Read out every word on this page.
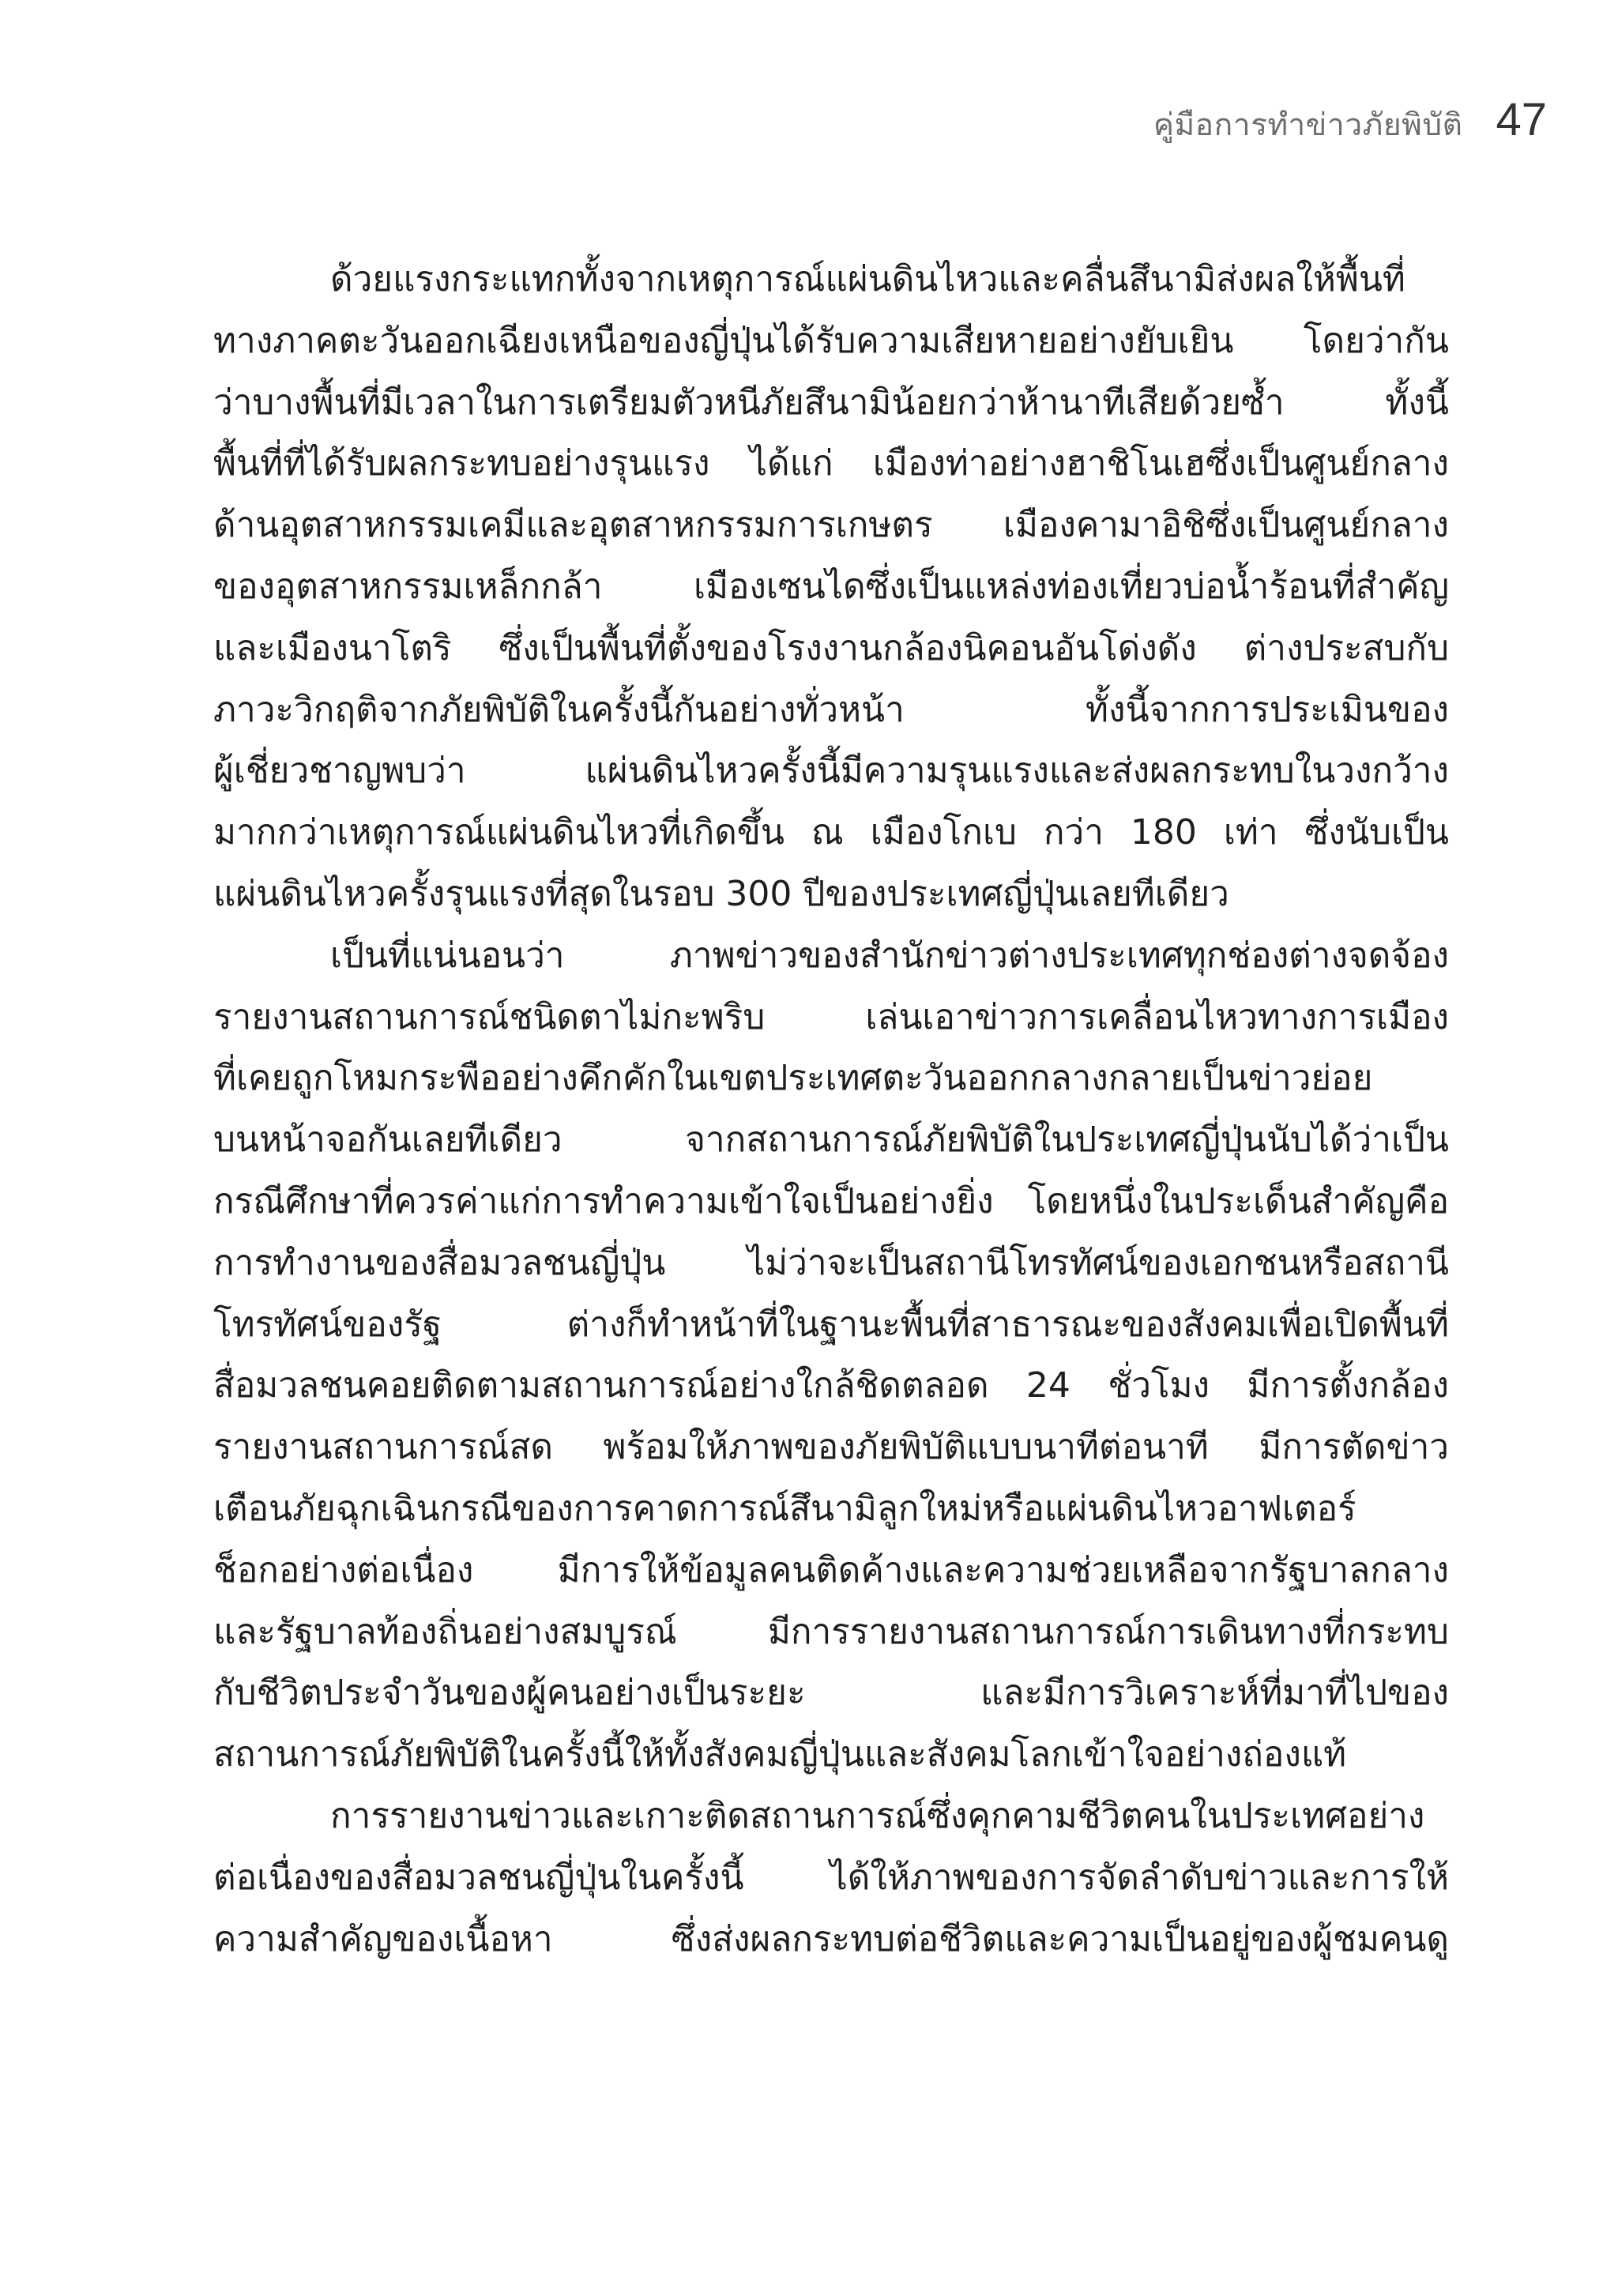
คู่มือการทำข่าวภัยพิบัติ 47
ด้วยแรงกระแทกทั้งจากเหตุการณ์แผ่นดินไหวและคลื่นสึนามิส่งผลให้พื้นที่
ทางภาคตะวันออกเฉียงเหนือของญี่ปุ่นได้รับความเสียหายอย่างยับเยิน โดยว่ากัน
ว่าบางพื้นที่มีเวลาในการเตรียมตัวหนีภัยสึนามิน้อยกว่าห้านาทีเสียด้วยซ้ำ ทั้งนี้
พื้นที่ที่ได้รับผลกระทบอย่างรุนแรง ได้แก่ เมืองท่าอย่างฮาชิโนเฮซึ่งเป็นศูนย์กลาง
ด้านอุตสาหกรรมเคมีและอุตสาหกรรมการเกษตร เมืองคามาอิชิซึ่งเป็นศูนย์กลาง
ของอุตสาหกรรมเหล็กกล้า เมืองเซนไดซึ่งเป็นแหล่งท่องเที่ยวบ่อน้ำร้อนที่สำคัญ
และเมืองนาโตริ ซึ่งเป็นพื้นที่ตั้งของโรงงานกล้องนิคอนอันโด่งดัง ต่างประสบกับ
ภาวะวิกฤติจากภัยพิบัติในครั้งนี้กันอย่างทั่วหน้า ทั้งนี้จากการประเมินของ
ผู้เชี่ยวชาญพบว่า แผ่นดินไหวครั้งนี้มีความรุนแรงและส่งผลกระทบในวงกว้าง
มากกว่าเหตุการณ์แผ่นดินไหวที่เกิดขึ้น ณ เมืองโกเบ กว่า 180 เท่า ซึ่งนับเป็น
แผ่นดินไหวครั้งรุนแรงที่สุดในรอบ 300 ปีของประเทศญี่ปุ่นเลยทีเดียว
เป็นที่แน่นอนว่า ภาพข่าวของสำนักข่าวต่างประเทศทุกช่องต่างจดจ้อง
รายงานสถานการณ์ชนิดตาไม่กะพริบ เล่นเอาข่าวการเคลื่อนไหวทางการเมือง
ที่เคยถูกโหมกระพืออย่างคึกคักในเขตประเทศตะวันออกกลางกลายเป็นข่าวย่อย
บนหน้าจอกันเลยทีเดียว จากสถานการณ์ภัยพิบัติในประเทศญี่ปุ่นนับได้ว่าเป็น
กรณีศึกษาที่ควรค่าแก่การทำความเข้าใจเป็นอย่างยิ่ง โดยหนึ่งในประเด็นสำคัญคือ
การทำงานของสื่อมวลชนญี่ปุ่น ไม่ว่าจะเป็นสถานีโทรทัศน์ของเอกชนหรือสถานี
โทรทัศน์ของรัฐ ต่างก็ทำหน้าที่ในฐานะพื้นที่สาธารณะของสังคมเพื่อเปิดพื้นที่
สื่อมวลชนคอยติดตามสถานการณ์อย่างใกล้ชิดตลอด 24 ชั่วโมง มีการตั้งกล้อง
รายงานสถานการณ์สด พร้อมให้ภาพของภัยพิบัติแบบนาทีต่อนาที มีการตัดข่าว
เตือนภัยฉุกเฉินกรณีของการคาดการณ์สึนามิลูกใหม่หรือแผ่นดินไหวอาฟเตอร์
ช็อกอย่างต่อเนื่อง มีการให้ข้อมูลคนติดค้างและความช่วยเหลือจากรัฐบาลกลาง
และรัฐบาลท้องถิ่นอย่างสมบูรณ์ มีการรายงานสถานการณ์การเดินทางที่กระทบ
กับชีวิตประจำวันของผู้คนอย่างเป็นระยะ และมีการวิเคราะห์ที่มาที่ไปของ
สถานการณ์ภัยพิบัติในครั้งนี้ให้ทั้งสังคมญี่ปุ่นและสังคมโลกเข้าใจอย่างถ่องแท้
การรายงานข่าวและเกาะติดสถานการณ์ซึ่งคุกคามชีวิตคนในประเทศอย่าง
ต่อเนื่องของสื่อมวลชนญี่ปุ่นในครั้งนี้ ได้ให้ภาพของการจัดลำดับข่าวและการให้
ความสำคัญของเนื้อหา ซึ่งส่งผลกระทบต่อชีวิตและความเป็นอยู่ของผู้ชมคนดู
